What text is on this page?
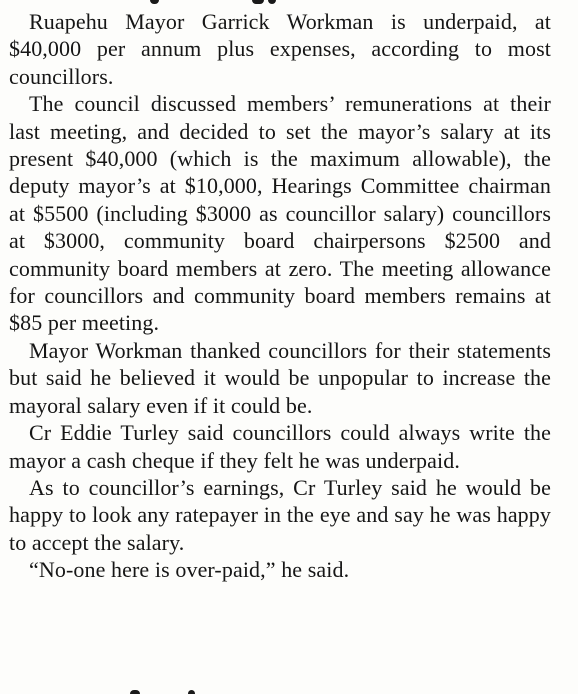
Ruapehu Mayor Garrick Workman is underpaid, at $40,000 per annum plus expenses, according to most councillors.

The council discussed members’ remunerations at their last meeting, and decided to set the mayor’s salary at its present $40,000 (which is the maximum allowable), the deputy mayor’s at $10,000, Hearings Committee chairman at $5500 (including $3000 as councillor salary) councillors at $3000, community board chairpersons $2500 and community board members at zero. The meeting allowance for councillors and community board members remains at $85 per meeting.

Mayor Workman thanked councillors for their statements but said he believed it would be unpopular to increase the mayoral salary even if it could be.

Cr Eddie Turley said councillors could always write the mayor a cash cheque if they felt he was underpaid.

As to councillor’s earnings, Cr Turley said he would be happy to look any ratepayer in the eye and say he was happy to accept the salary.

“No-one here is over-paid,” he said.
